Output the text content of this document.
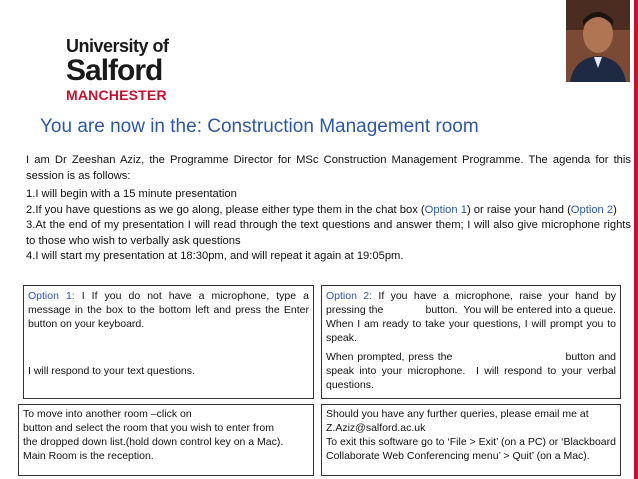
University of
Salford
MANCHESTER
You are now in the: Construction Management room

I am Dr Zeeshan Aziz, the Programme Director for MSc Construction Management Programme. The agenda for this session is as follows:

1.I will begin with a 15 minute presentation
2.If you have questions as we go along, please either type them in the chat box (Option 1) or raise your hand (Option 2)
3.At the end of my presentation I will read through the text questions and answer them; I will also give microphone rights to those who wish to verbally ask questions
4.I will start my presentation at 18:30pm, and will repeat it again at 19:05pm.

Option 1: I If you do not have a microphone, type a message in the box to the bottom left and press the Enter button on your keyboard.

I will respond to your text questions.

Option 2: If you have a microphone, raise your hand by pressing the              button.  You will be entered into a queue.  When I am ready to take your questions, I will prompt you to speak.

When prompted, press the                              button and speak into your microphone.  I will respond to your verbal questions.

To move into another room –click on
button and select the room that you wish to enter from
the dropped down list.(hold down control key on a Mac).
Main Room is the reception.
Should you have any further queries, please email me at
Z.Aziz@salford.ac.uk
To exit this software go to ‘File > Exit’ (on a PC) or ‘Blackboard Collaborate Web Conferencing menu’ > Quit’ (on a Mac).
